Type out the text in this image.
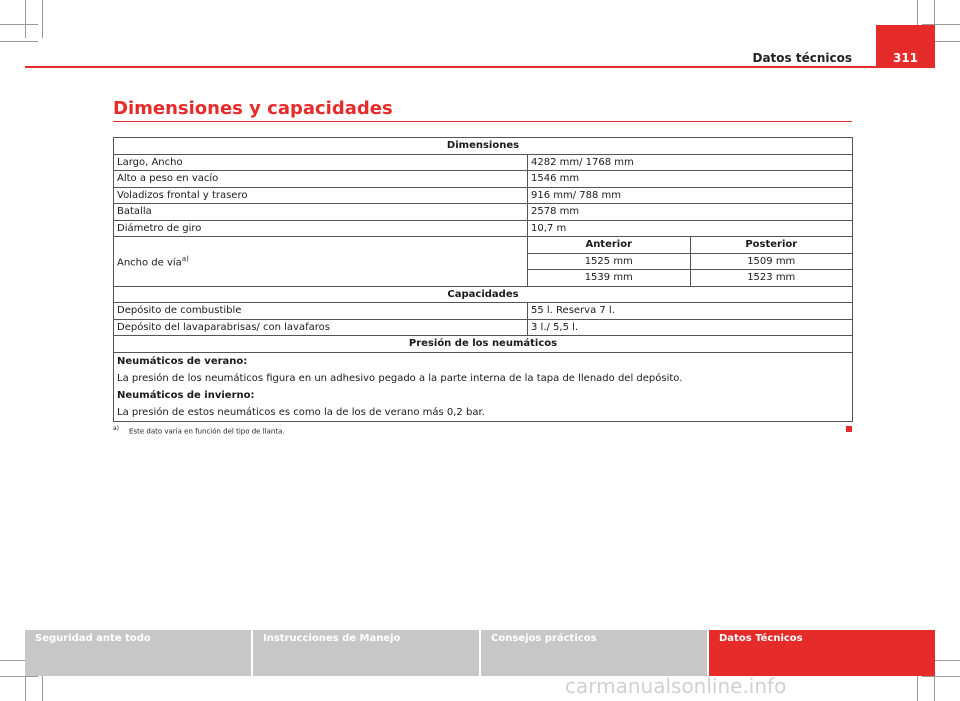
Datos técnicos	311
Dimensiones y capacidades
Dimensiones
Largo, Ancho	4282 mm/ 1768 mm
Alto a peso en vacío	1546 mm
Voladizos frontal y trasero	916 mm/ 788 mm
Batalla	2578 mm
Diámetro de giro	10,7 m
Ancho de vía$^{a)}$	
Anterior	Posterior
1525 mm	1509 mm
1539 mm	1523 mm

Capacidades
Depósito de combustible	55 l. Reserva 7 l.
Depósito del lavaparabrisas/ con lavafaros	3 l./ 5,5 l.
Presión de los neumáticos

Neumáticos de verano:
La presión de los neumáticos figura en un adhesivo pegado a la parte interna de la tapa de llenado del depósito.
Neumáticos de invierno:
La presión de estos neumáticos es como la de los de verano más 0,2 bar.
$^{a)}$ Este dato varía en función del tipo de llanta.
Seguridad ante todo	Instrucciones de Manejo	Consejos prácticos	Datos Técnicos
carmanualsonline.info
